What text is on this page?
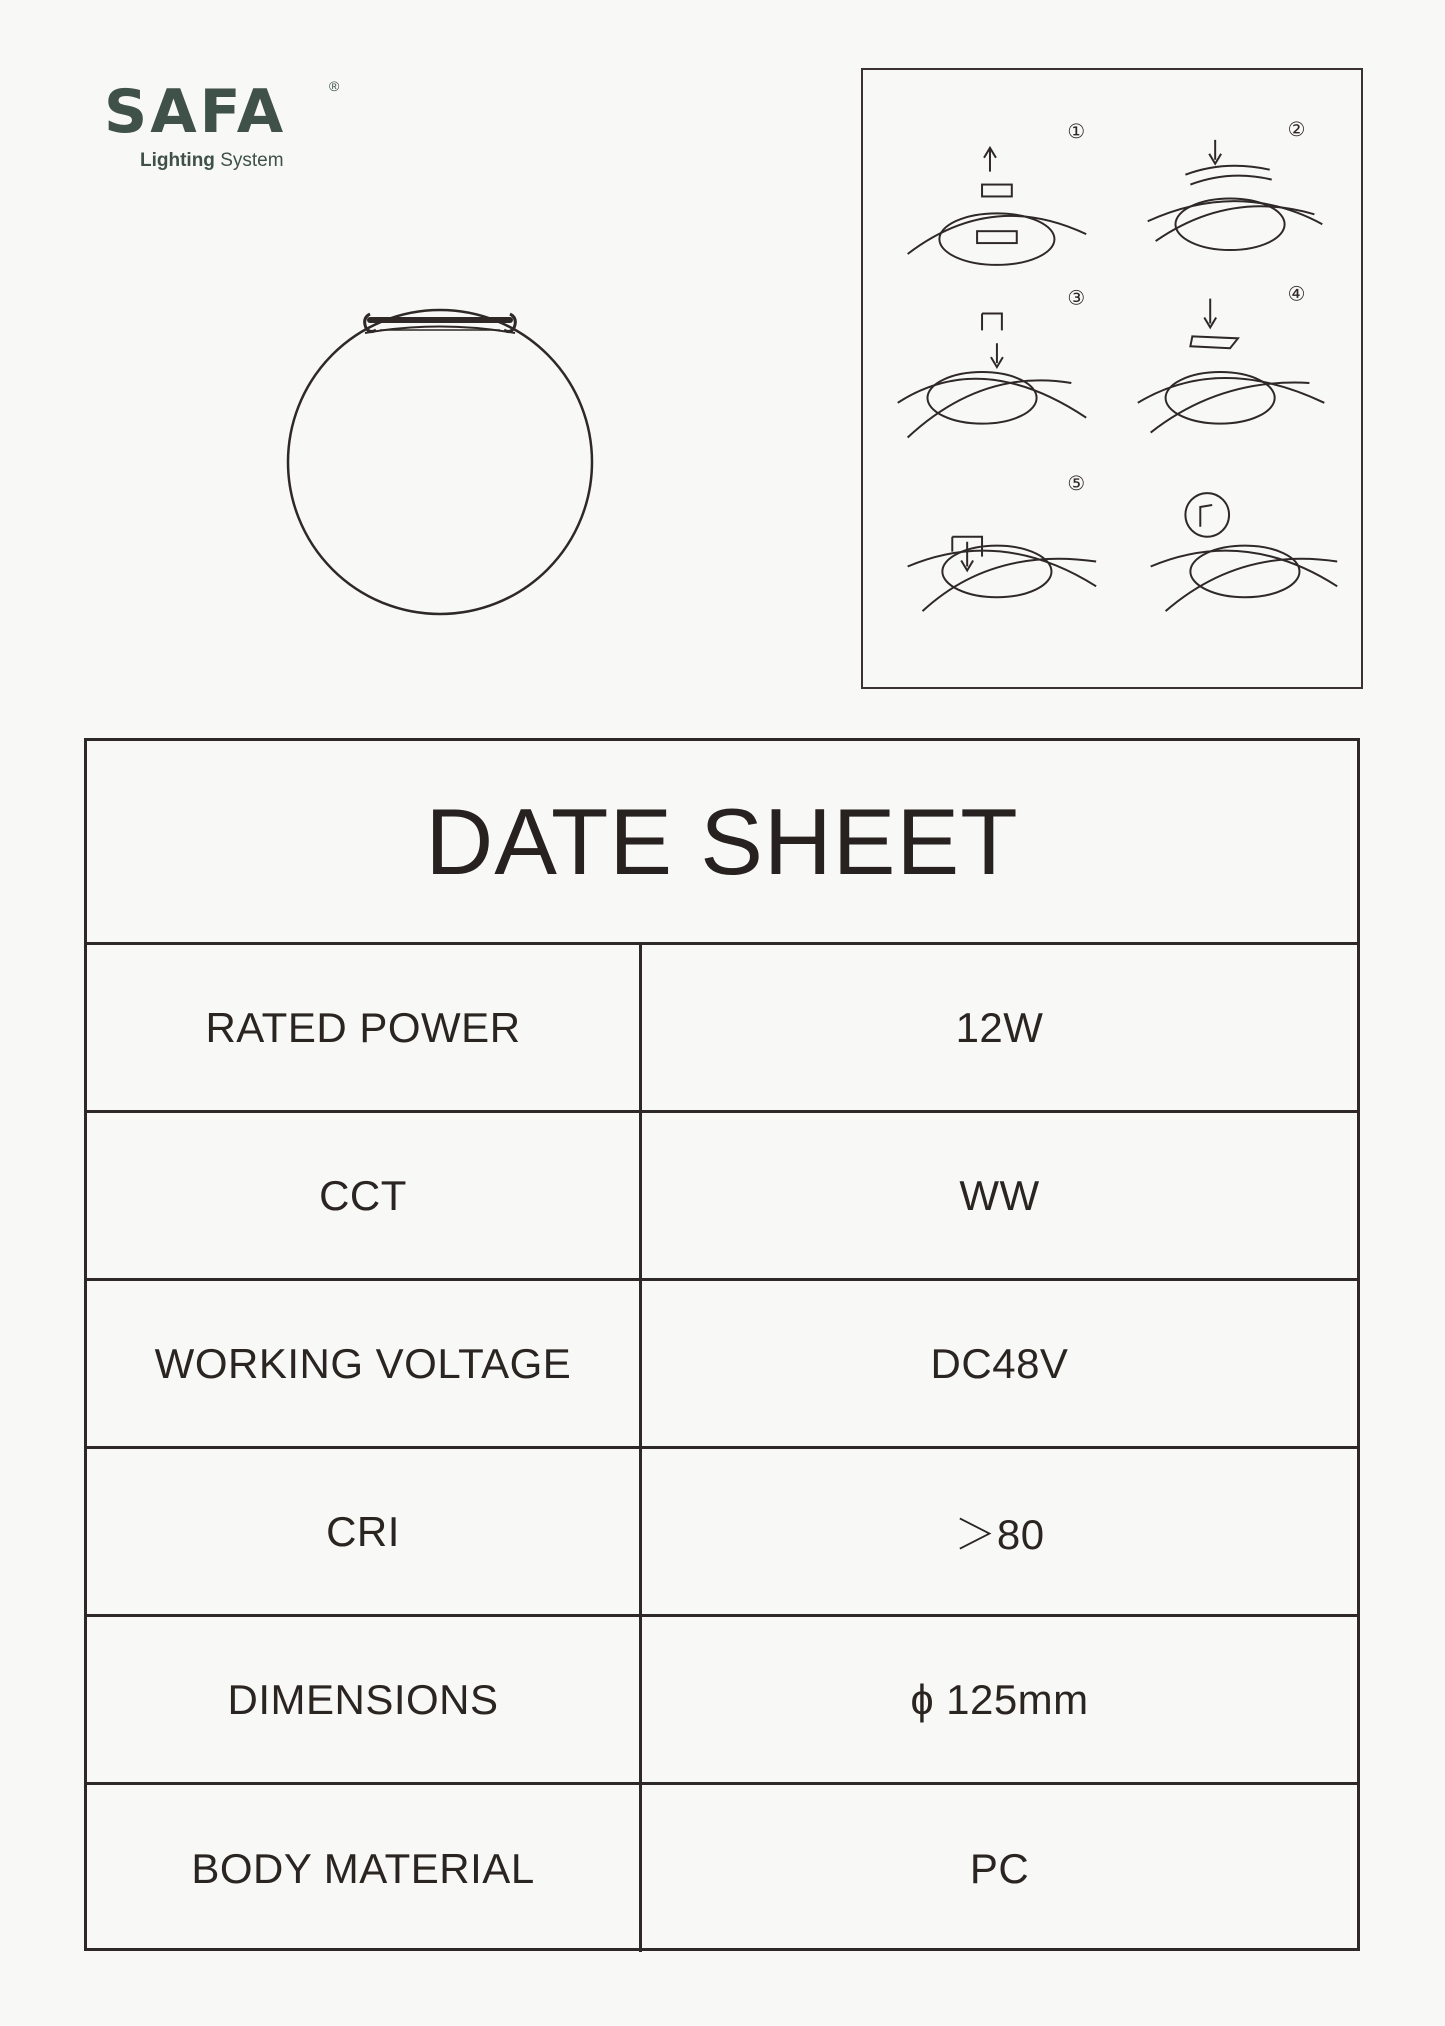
SAFA	®
Lighting System
①	②
③	④
⑤
DATE SHEET
RATED POWER	12W
CCT	WW
WORKING VOLTAGE	DC48V
CRI	＞80
DIMENSIONS	ɸ 125mm
BODY MATERIAL	PC
